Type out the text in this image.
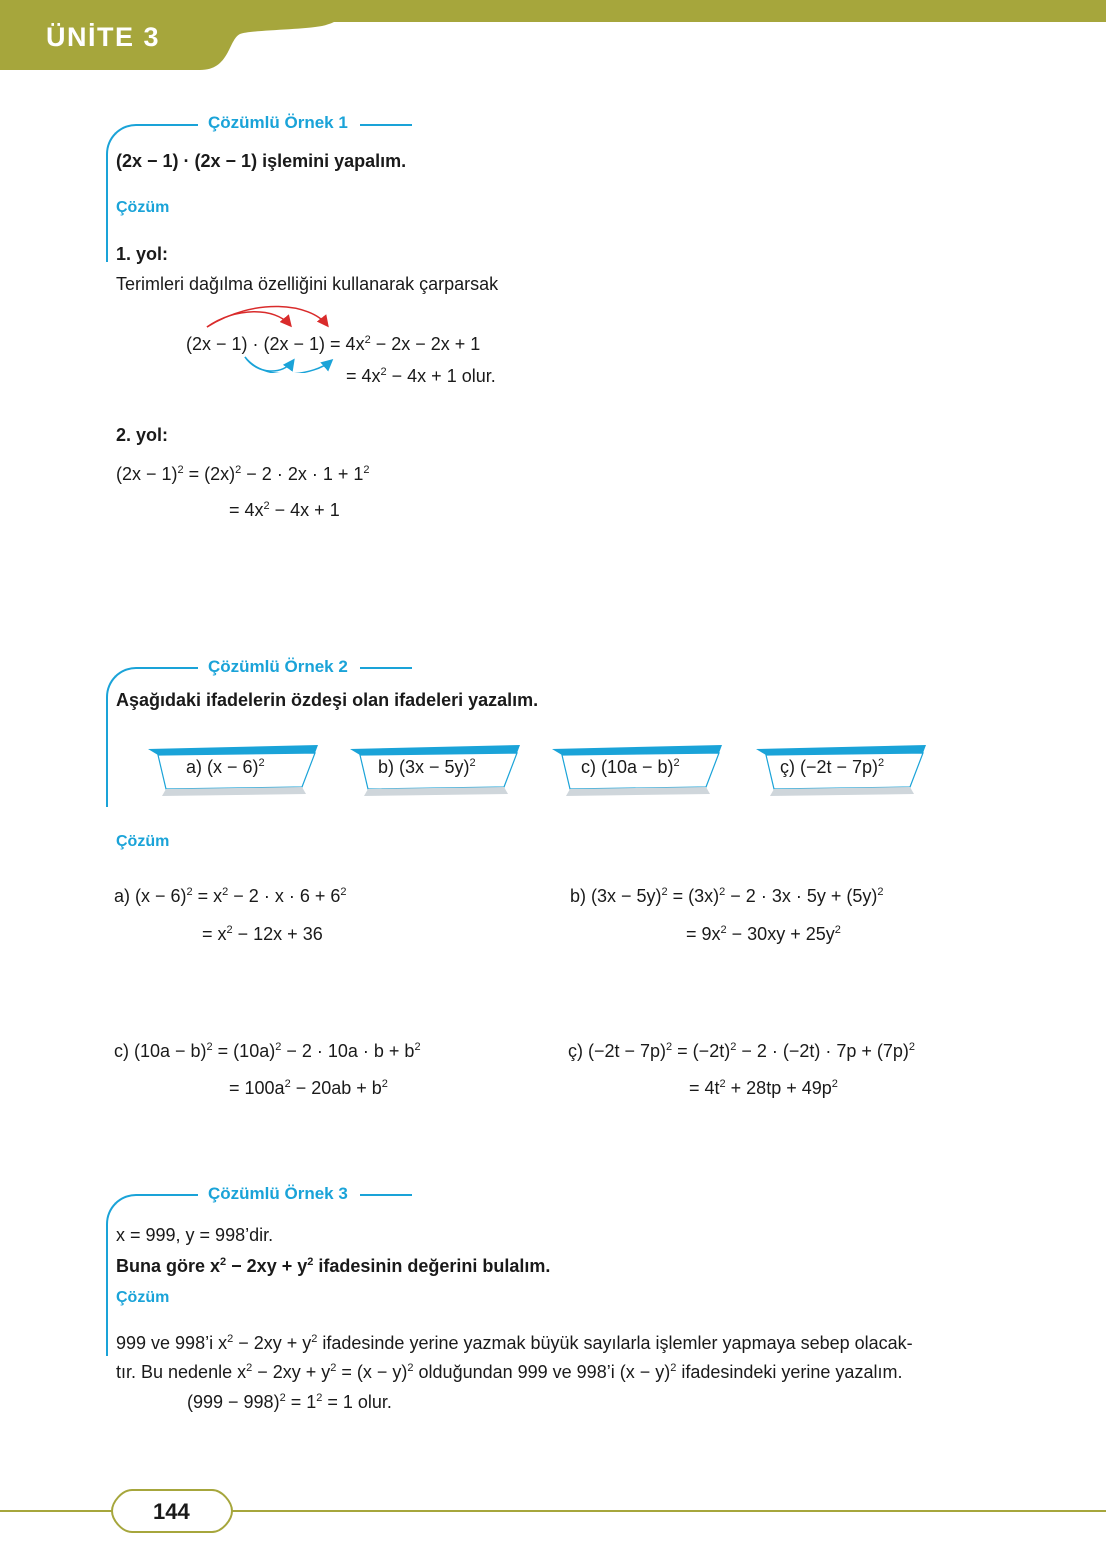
ÜNİTE 3
Çözümlü Örnek 1
(2x − 1) · (2x − 1) işlemini yapalım.
Çözüm
1. yol:
Terimleri dağılma özelliğini kullanarak çarparsak
$(2x - 1) \cdot (2x - 1) = 4x^2 - 2x - 2x + 1$
= $4x^2 - 4x + 1$ olur.
2. yol:
$(2x - 1)^2 = (2x)^2 - 2 \cdot 2x \cdot 1 + 1^2$
= $4x^2 - 4x + 1$
Çözümlü Örnek 2
Aşağıdaki ifadelerin özdeşi olan ifadeleri yazalım.
a) $(x - 6)^2$	b) $(3x - 5y)^2$	c) $(10a - b)^2$	ç) $(-2t - 7p)^2$
Çözüm
a) $(x - 6)^2 = x^2 - 2 \cdot x \cdot 6 + 6^2$
= $x^2 - 12x + 36$
b) $(3x - 5y)^2 = (3x)^2 - 2 \cdot 3x \cdot 5y + (5y)^2$
= $9x^2 - 30xy + 25y^2$
c) $(10a - b)^2 = (10a)^2 - 2 \cdot 10a \cdot b + b^2$
= $100a^2 - 20ab + b^2$
ç) $(-2t - 7p)^2 = (-2t)^2 - 2 \cdot (-2t) \cdot 7p + (7p)^2$
= $4t^2 + 28tp + 49p^2$
Çözümlü Örnek 3
x = 999, y = 998’dir.
Buna göre $x^2 - 2xy + y^2$ ifadesinin değerini bulalım.
Çözüm
999 ve 998’i $x^2 - 2xy + y^2$ ifadesinde yerine yazmak büyük sayılarla işlemler yapmaya sebep olacak-
tır. Bu nedenle $x^2 - 2xy + y^2 = (x - y)^2$ olduğundan 999 ve 998’i $(x - y)^2$ ifadesindeki yerine yazalım.
$(999 - 998)^2 = 1^2 = 1$ olur.
144
